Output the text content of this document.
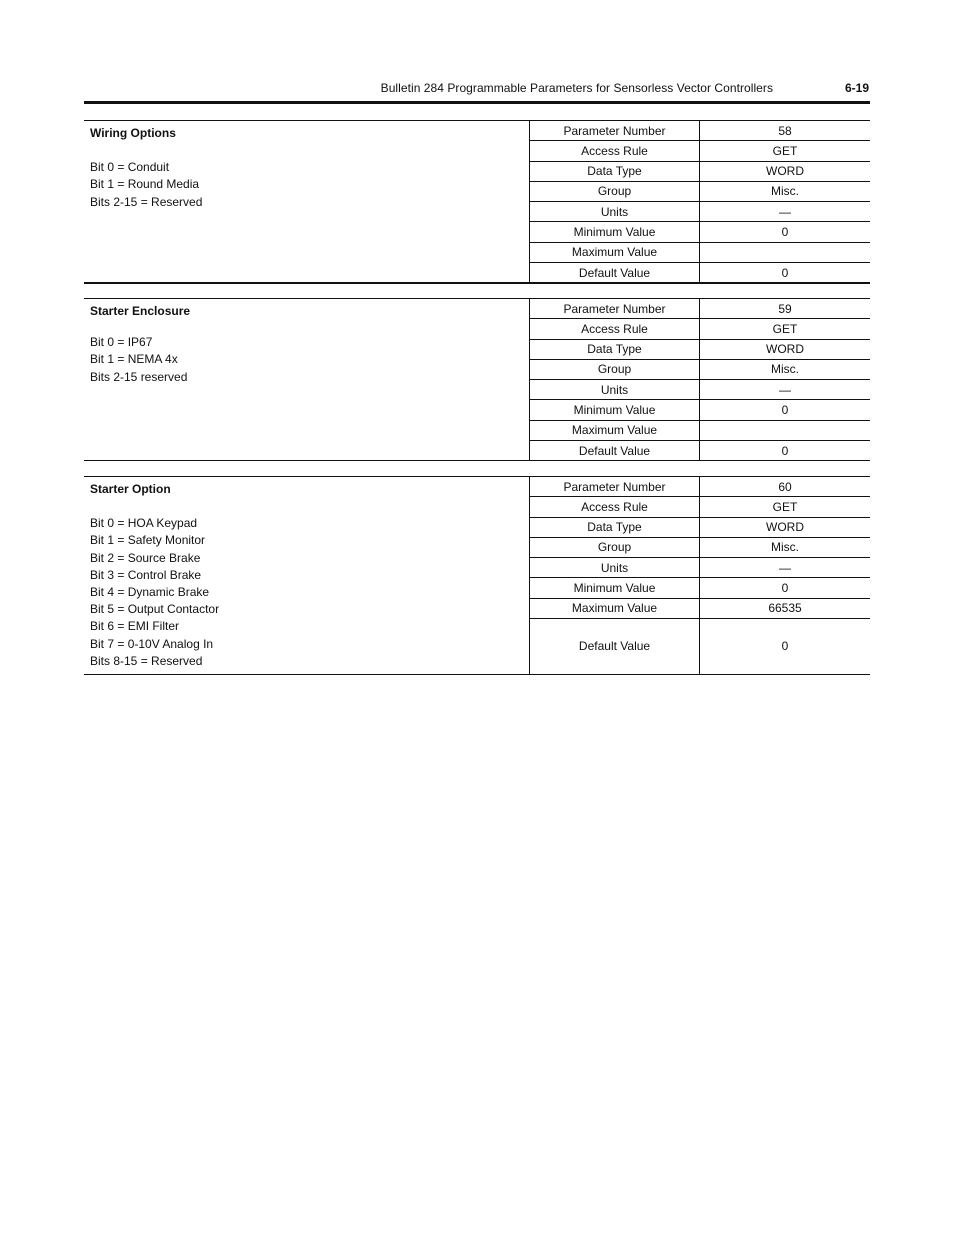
Bulletin 284 Programmable Parameters for Sensorless Vector Controllers	6-19
Wiring Options
Bit 0 = Conduit
Bit 1 = Round Media
Bits 2-15 = Reserved
Parameter Number	58
Access Rule	GET
Data Type	WORD
Group	Misc.
Units	—
Minimum Value	0
Maximum Value
Default Value	0
Starter Enclosure
Bit 0 = IP67
Bit 1 = NEMA 4x
Bits 2-15 reserved
Parameter Number	59
Access Rule	GET
Data Type	WORD
Group	Misc.
Units	—
Minimum Value	0
Maximum Value
Default Value	0
Starter Option
Bit 0 = HOA Keypad
Bit 1 = Safety Monitor
Bit 2 = Source Brake
Bit 3 = Control Brake
Bit 4 = Dynamic Brake
Bit 5 = Output Contactor
Bit 6 = EMI Filter
Bit 7 = 0-10V Analog In
Bits 8-15 = Reserved
Parameter Number	60
Access Rule	GET
Data Type	WORD
Group	Misc.
Units	—
Minimum Value	0
Maximum Value	66535
Default Value	0
